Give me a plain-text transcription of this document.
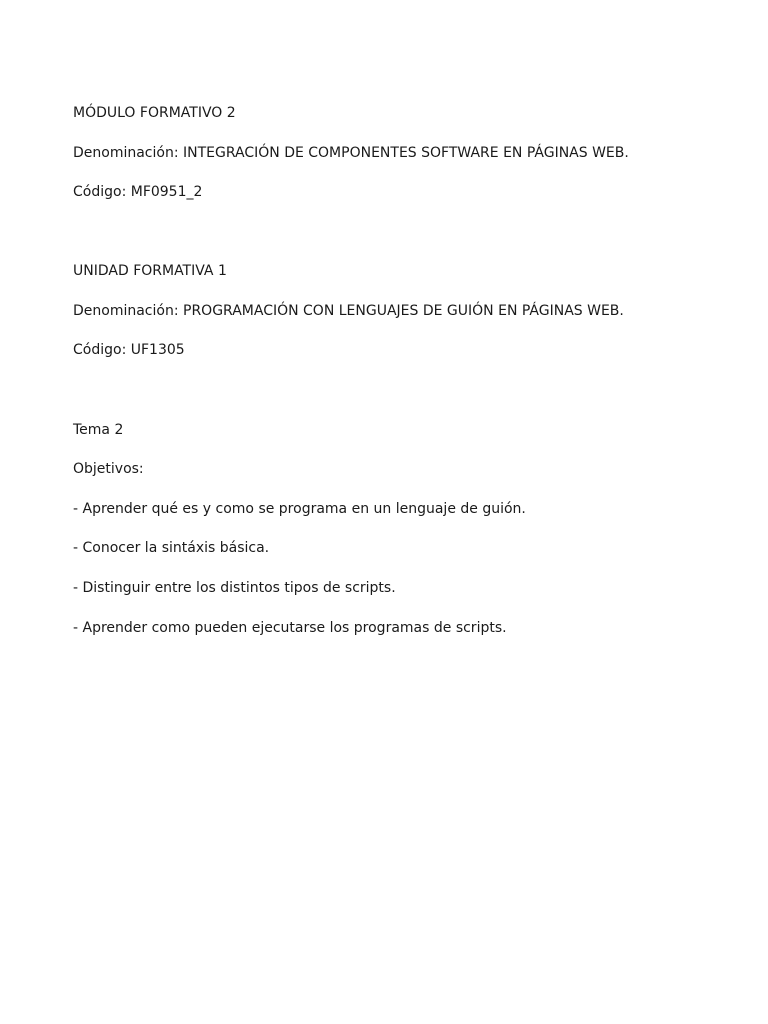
MÓDULO FORMATIVO 2

Denominación: INTEGRACIÓN DE COMPONENTES SOFTWARE EN PÁGINAS WEB.

Código: MF0951_2

UNIDAD FORMATIVA 1

Denominación: PROGRAMACIÓN CON LENGUAJES DE GUIÓN EN PÁGINAS WEB.

Código: UF1305

Tema 2

Objetivos:

- Aprender qué es y como se programa en un lenguaje de guión.

- Conocer la sintáxis básica.

- Distinguir entre los distintos tipos de scripts.

- Aprender como pueden ejecutarse los programas de scripts.
